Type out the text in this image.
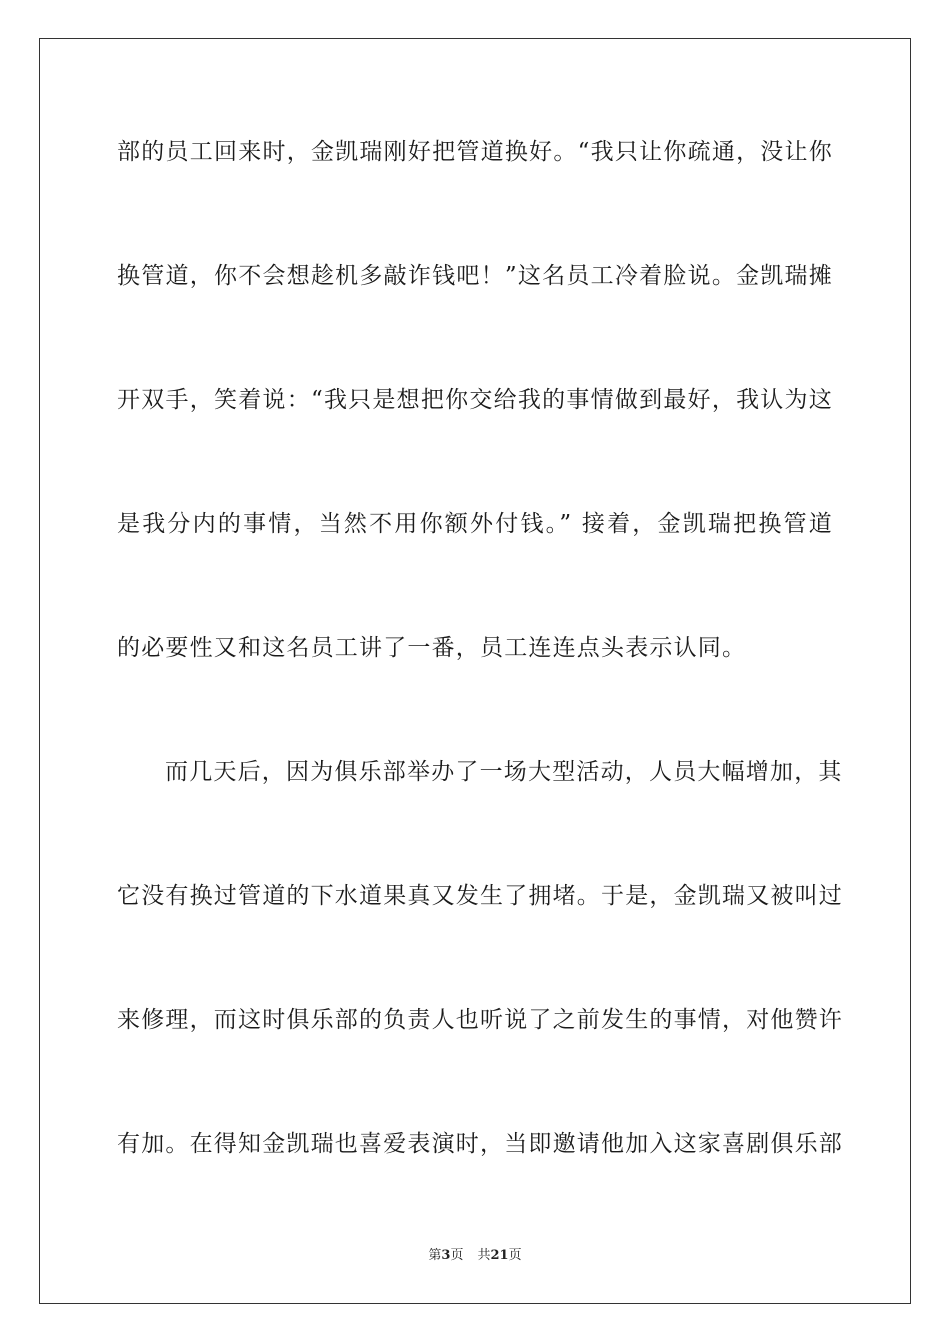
部的员工回来时，金凯瑞刚好把管道换好。“我只让你疏通，没让你
换管道，你不会想趁机多敲诈钱吧！”这名员工冷着脸说。金凯瑞摊
开双手，笑着说：“我只是想把你交给我的事情做到最好，我认为这
是我分内的事情，当然不用你额外付钱。” 接着，金凯瑞把换管道
的必要性又和这名员工讲了一番，员工连连点头表示认同。
而几天后，因为俱乐部举办了一场大型活动，人员大幅增加，其
它没有换过管道的下水道果真又发生了拥堵。于是，金凯瑞又被叫过
来修理，而这时俱乐部的负责人也听说了之前发生的事情，对他赞许
有加。在得知金凯瑞也喜爱表演时，当即邀请他加入这家喜剧俱乐部
第3页 共21页
